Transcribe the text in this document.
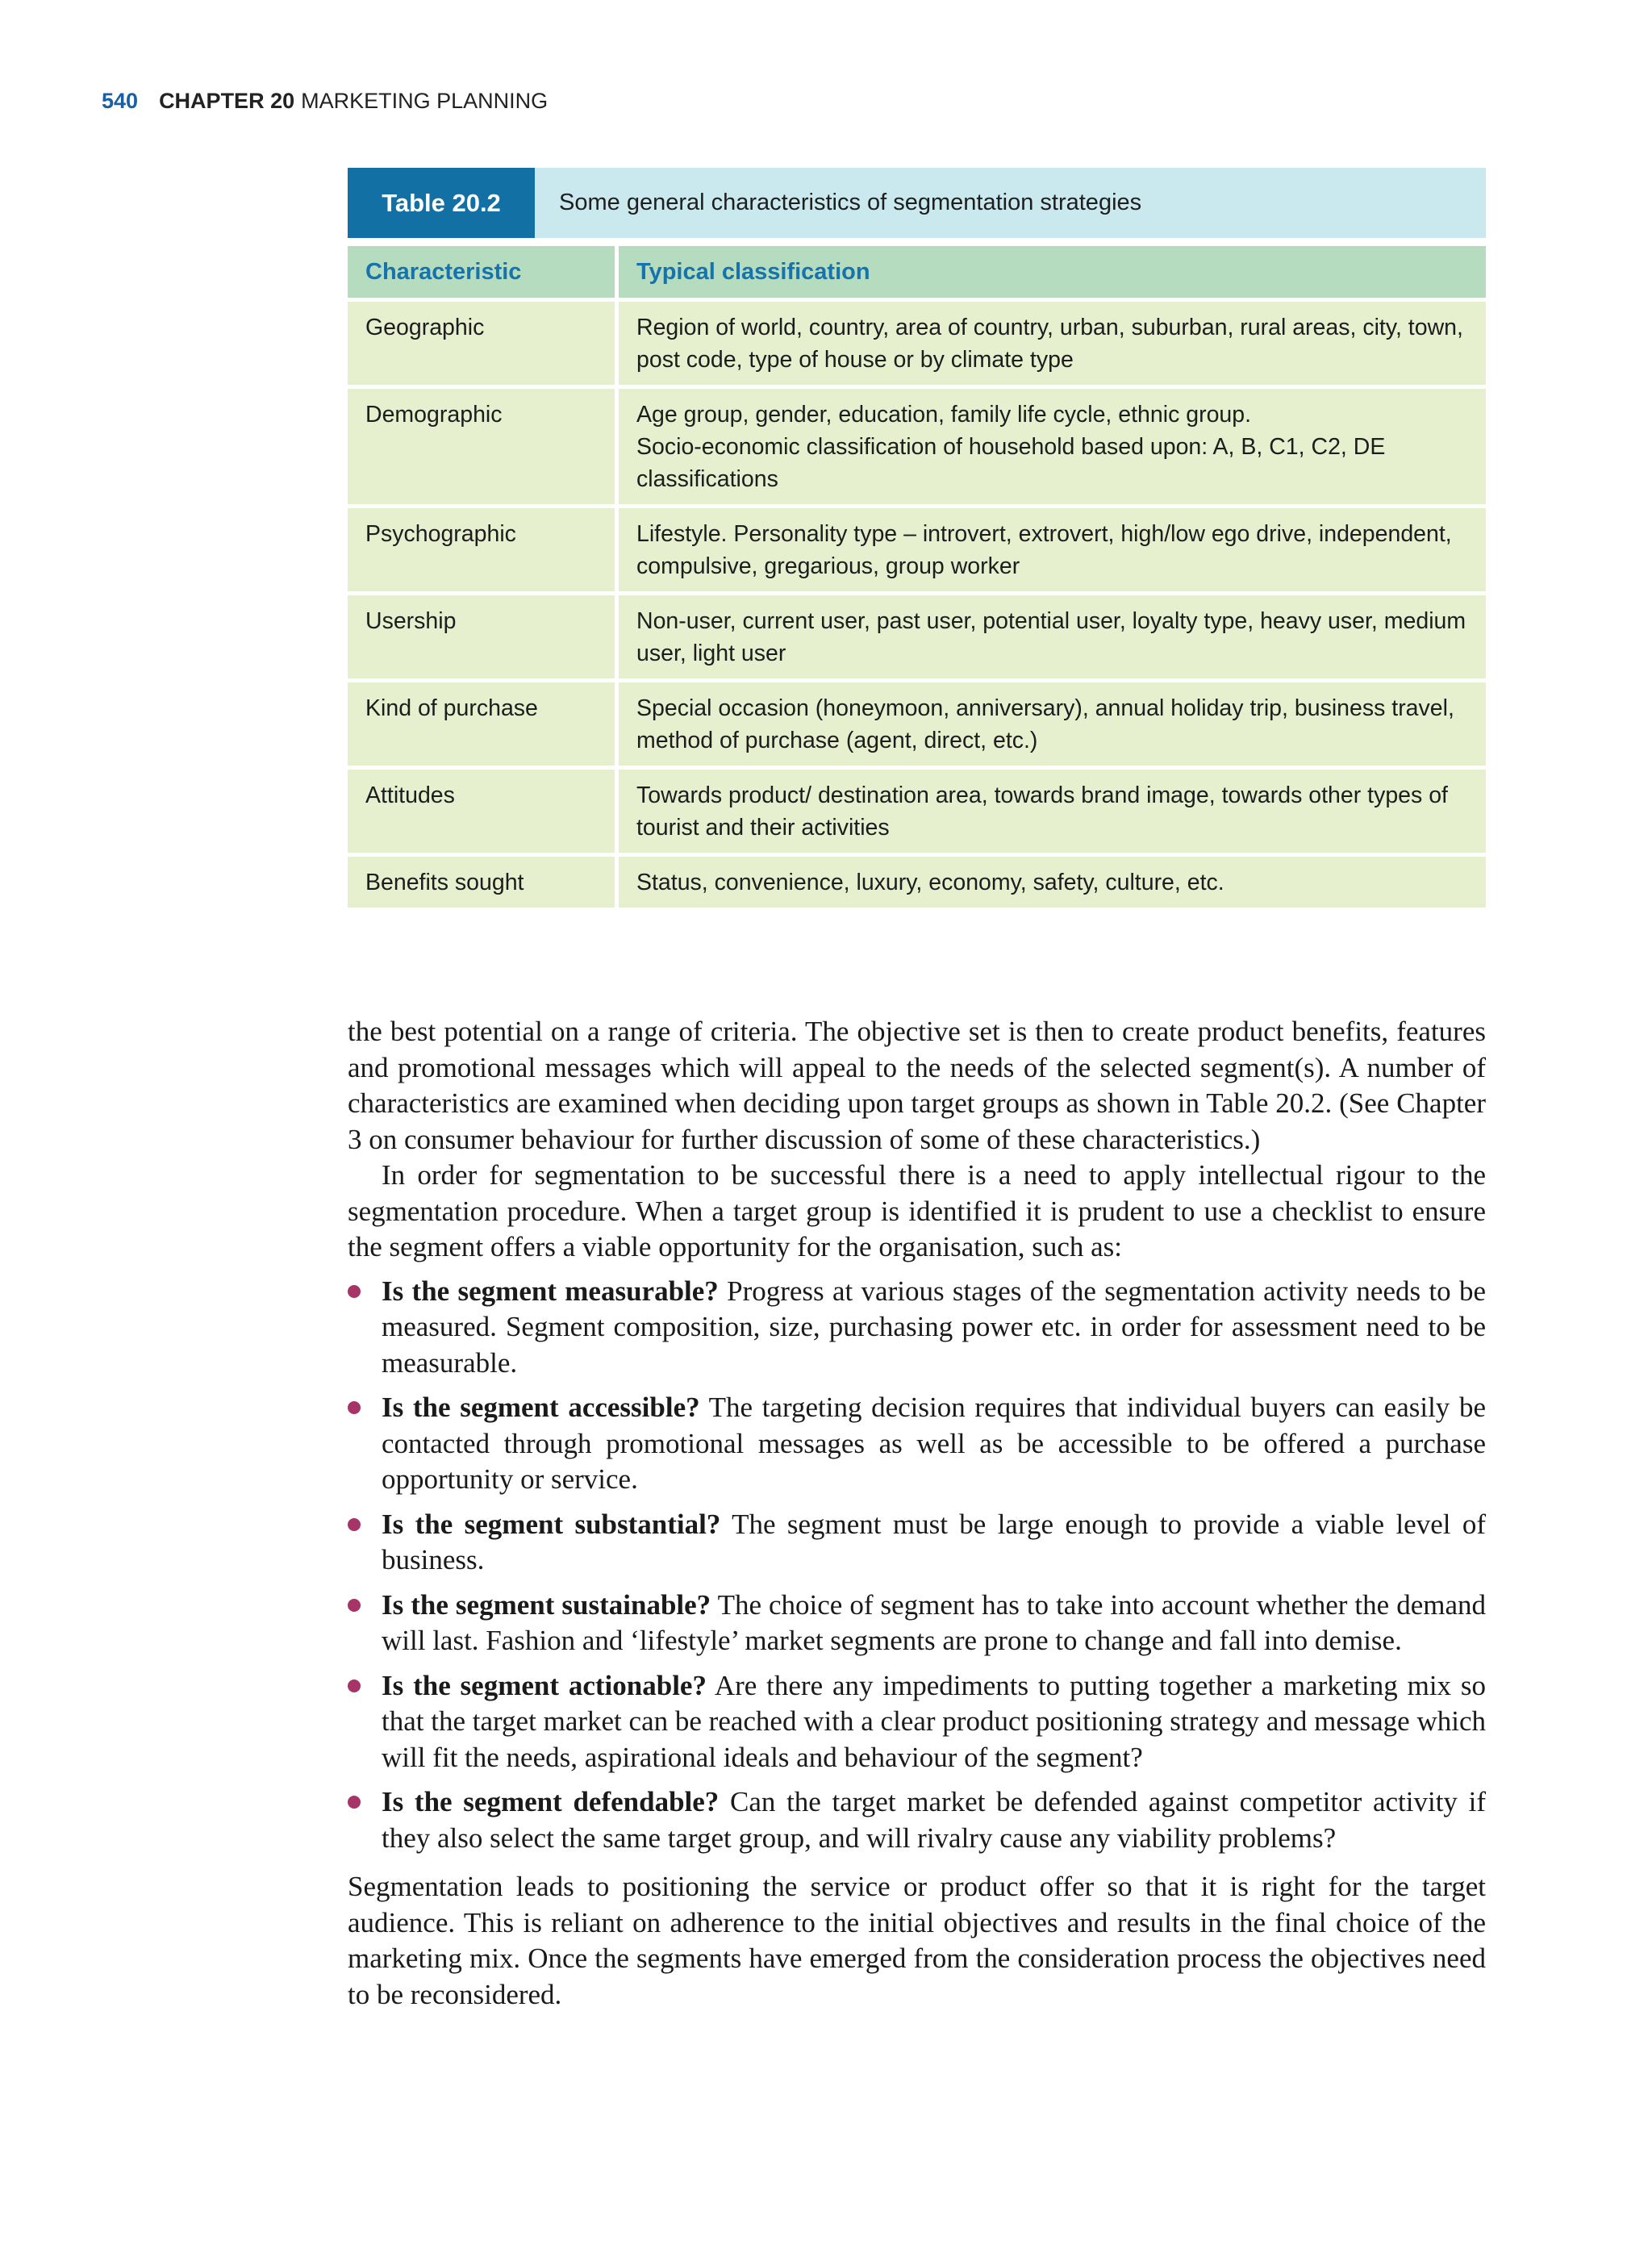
540 CHAPTER 20 MARKETING PLANNING
Table 20.2	Some general characteristics of segmentation strategies
Characteristic	Typical classification
Geographic	Region of world, country, area of country, urban, suburban, rural areas, city, town, post code, type of house or by climate type
Demographic	Age group, gender, education, family life cycle, ethnic group.
Socio-economic classification of household based upon: A, B, C1, C2, DE classifications

Psychographic	Lifestyle. Personality type – introvert, extrovert, high/low ego drive, independent, compulsive, gregarious, group worker
Usership	Non-user, current user, past user, potential user, loyalty type, heavy user, medium user, light user
Kind of purchase	Special occasion (honeymoon, anniversary), annual holiday trip, business travel, method of purchase (agent, direct, etc.)
Attitudes	Towards product/ destination area, towards brand image, towards other types of tourist and their activities
Benefits sought	Status, convenience, luxury, economy, safety, culture, etc.

the best potential on a range of criteria. The objective set is then to create product benefits, features and promotional messages which will appeal to the needs of the selected segment(s). A number of characteristics are examined when deciding upon target groups as shown in Table 20.2. (See Chapter 3 on consumer behaviour for further discussion of some of these characteristics.)

In order for segmentation to be successful there is a need to apply intellectual rigour to the segmentation procedure. When a target group is identified it is prudent to use a checklist to ensure the segment offers a viable opportunity for the organisation, such as:

Is the segment measurable? Progress at various stages of the segmentation activity needs to be measured. Segment composition, size, purchasing power etc. in order for assessment need to be measurable.
Is the segment accessible? The targeting decision requires that individual buyers can easily be contacted through promotional messages as well as be accessible to be offered a purchase opportunity or service.
Is the segment substantial? The segment must be large enough to provide a viable level of business.
Is the segment sustainable? The choice of segment has to take into account whether the demand will last. Fashion and ‘lifestyle’ market segments are prone to change and fall into demise.
Is the segment actionable? Are there any impediments to putting together a marketing mix so that the target market can be reached with a clear product positioning strategy and message which will fit the needs, aspirational ideals and behaviour of the segment?
Is the segment defendable? Can the target market be defended against competitor activity if they also select the same target group, and will rivalry cause any viability problems?

Segmentation leads to positioning the service or product offer so that it is right for the target audience. This is reliant on adherence to the initial objectives and results in the final choice of the marketing mix. Once the segments have emerged from the consideration process the objectives need to be reconsidered.
